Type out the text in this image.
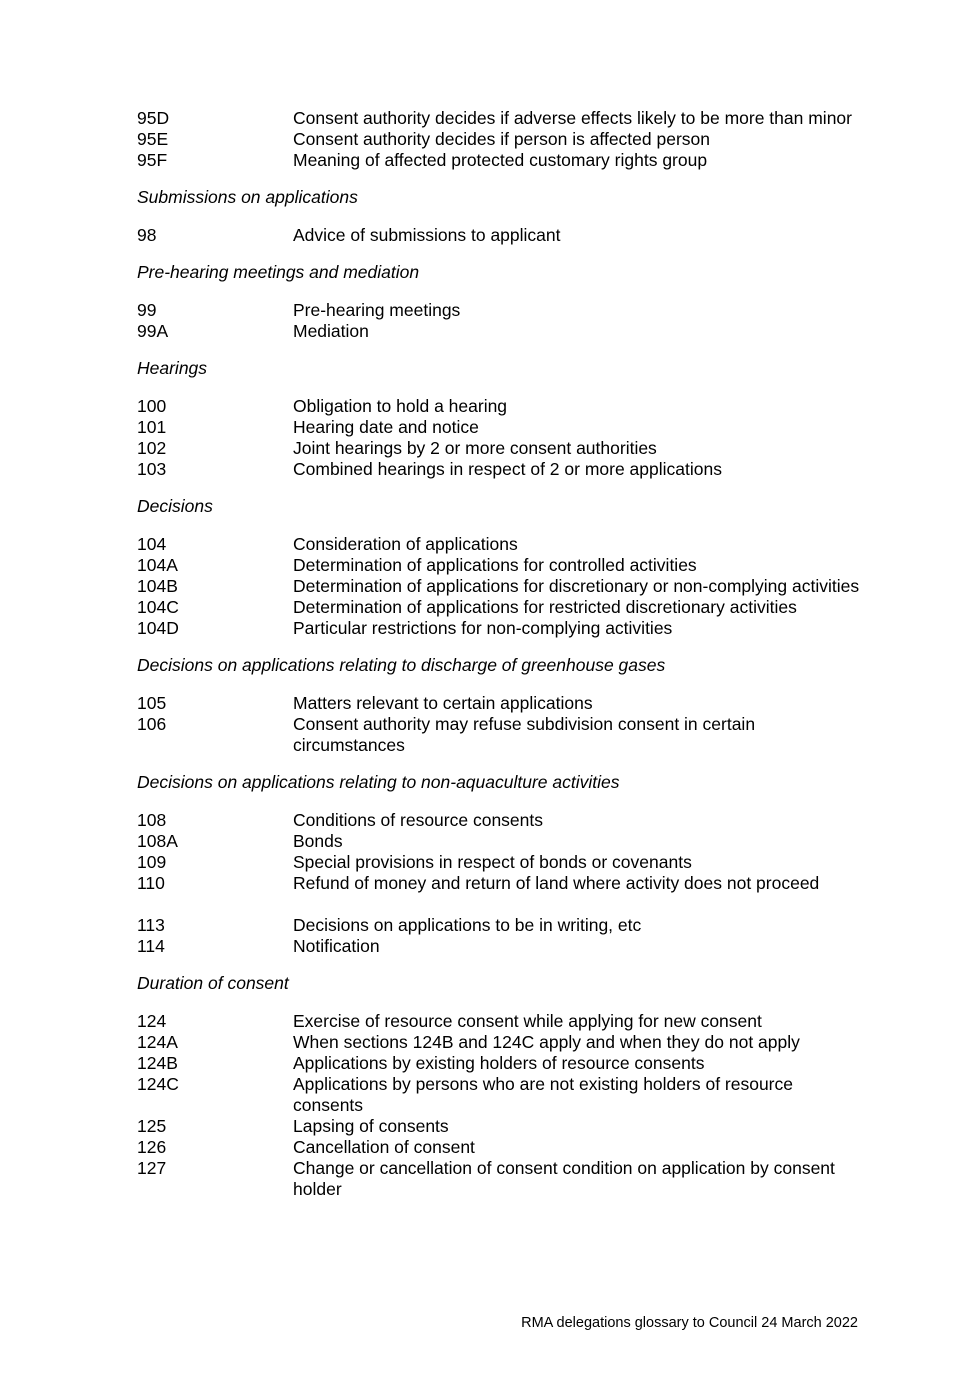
95D	Consent authority decides if adverse effects likely to be more than minor
95E	Consent authority decides if person is affected person
95F	Meaning of affected protected customary rights group
Submissions on applications
98	Advice of submissions to applicant
Pre-hearing meetings and mediation
99	Pre-hearing meetings
99A	Mediation
Hearings
100	Obligation to hold a hearing
101	Hearing date and notice
102	Joint hearings by 2 or more consent authorities
103	Combined hearings in respect of 2 or more applications
Decisions
104	Consideration of applications
104A	Determination of applications for controlled activities
104B	Determination of applications for discretionary or non-complying activities
104C	Determination of applications for restricted discretionary activities
104D	Particular restrictions for non-complying activities
Decisions on applications relating to discharge of greenhouse gases
105	Matters relevant to certain applications
106	Consent authority may refuse subdivision consent in certain circumstances
Decisions on applications relating to non-aquaculture activities
108	Conditions of resource consents
108A	Bonds
109	Special provisions in respect of bonds or covenants
110	Refund of money and return of land where activity does not proceed
113	Decisions on applications to be in writing, etc
114	Notification
Duration of consent
124	Exercise of resource consent while applying for new consent
124A	When sections 124B and 124C apply and when they do not apply
124B	Applications by existing holders of resource consents
124C	Applications by persons who are not existing holders of resource consents
125	Lapsing of consents
126	Cancellation of consent
127	Change or cancellation of consent condition on application by consent holder
RMA delegations glossary to Council 24 March 2022
